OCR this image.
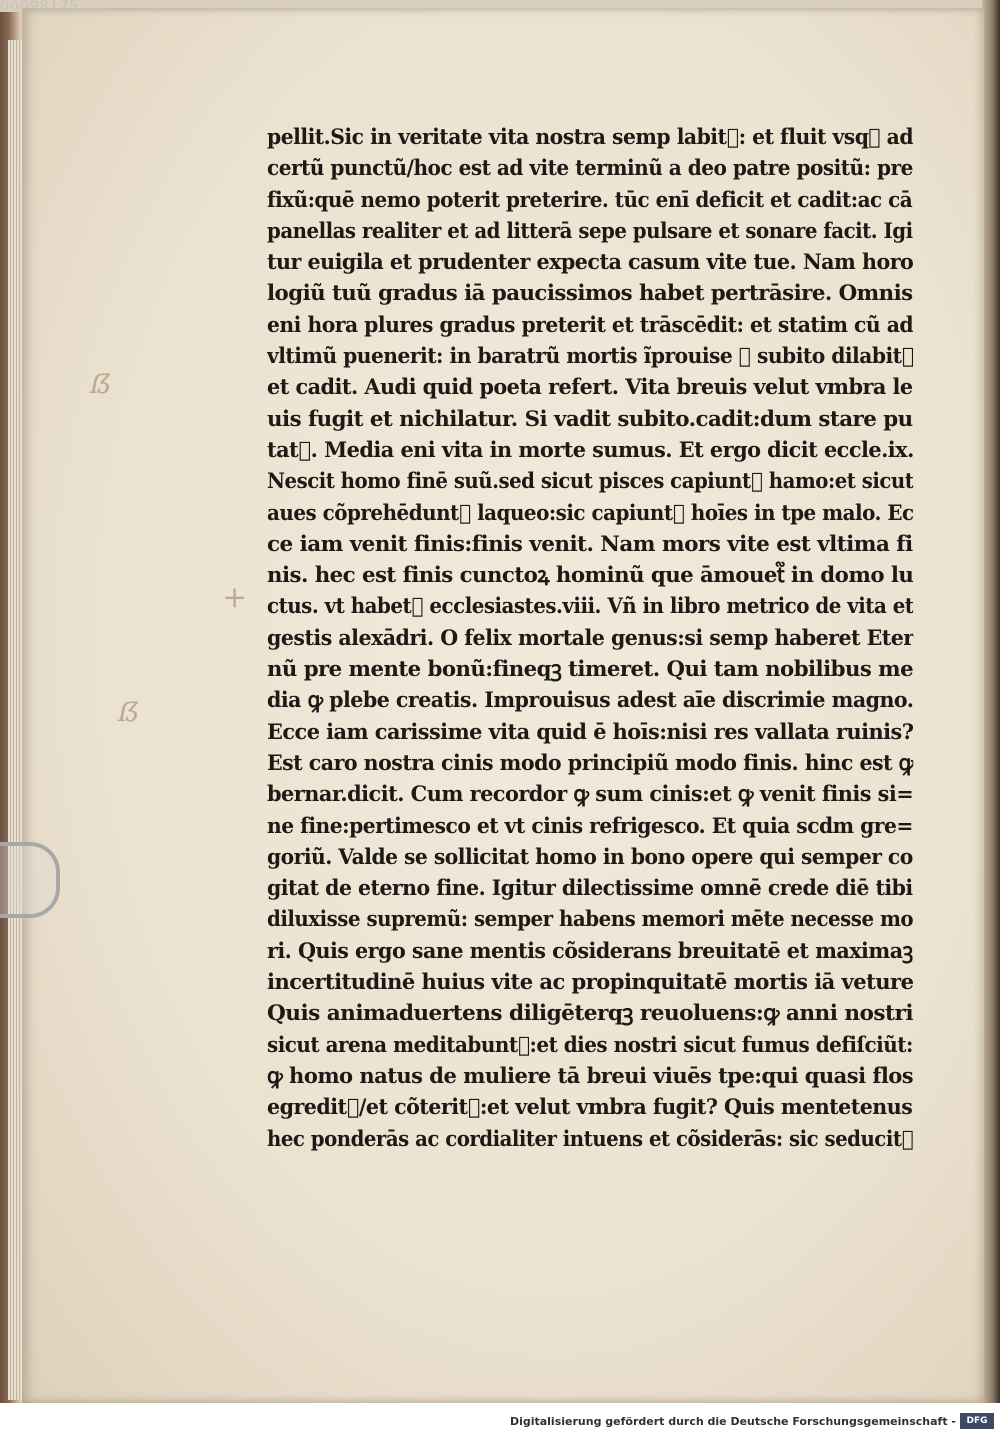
ẞ
+
ẞ
pellit.Sic in veritate vita nostra semp labit᷑: et fluit vsqꝫ ad
certũ punctũ/hoc est ad vite terminũ a deo patre positũ: pre
fixũ:quē nemo poterit preterire. tūc enī deficit et cadit:ac cā
panellas realiter et ad litterā sepe pulsare et sonare facit. Igi
tur euigila et prudenter expecta casum vite tue. Nam horo
logiũ tuũ gradus iā paucissimos habet pertrāsire. Omnis
eni hora plures gradus preterit et trāscēdit: et statim cũ ad
vltimũ puenerit: in baratrũ mortis ĩprouise ⁊ subito dilabit᷑
et cadit. Audi quid poeta refert. Vita breuis velut vmbra le
uis fugit et nichilatur. Si vadit subito.cadit:dum stare pu
tat᷑. Media eni vita in morte sumus. Et ergo dicit eccle.ix.
Nescit homo finē suũ.sed sicut pisces capiunt᷑ hamo:et sicut
aues cõprehēdunt᷑ laqueo:sic capiunt᷑ hoīes in tpe malo. Ec
ce iam venit finis:finis venit. Nam mors vite est vltima fi
nis. hec est finis cunctoꝝ hominũ que āmouet᷑ in domo lu
ctus. vt habet᷑ ecclesiastes.viii. Vñ in libro metrico de vita et
gestis alexādri. O felix mortale genus:si semp haberet Eter
nũ pre mente bonũ:fineqꝫ timeret. Qui tam nobilibus me
dia ꝙ plebe creatis. Improuisus adest aīe discrimie magno.
Ecce iam carissime vita quid ē hoīs:nisi res vallata ruinis?
Est caro nostra cinis modo principiũ modo finis. hinc est ꝙ
bernar.dicit. Cum recordor ꝙ sum cinis:et ꝙ venit finis si=
ne fine:pertimesco et vt cinis refrigesco. Et quia scdm gre=
goriũ. Valde se sollicitat homo in bono opere qui semper co
gitat de eterno fine. Igitur dilectissime omnē crede diē tibi
diluxisse supremũ: semper habens memori mēte necesse mo
ri. Quis ergo sane mentis cõsiderans breuitatē et maximaꝫ
incertitudinē huius vite ac propinquitatē mortis iā veture
Quis animaduertens diligēterqꝫ reuoluens:ꝙ anni nostri
sicut arena meditabunt᷑:et dies nostri sicut fumus defiſciũt:
ꝙ homo natus de muliere tā breui viuēs tpe:qui quasi flos
egredit᷑/et cõterit᷑:et velut vmbra fugit? Quis mentetenus
hec ponderās ac cordialiter intuens et cõsiderās: sic seducit᷑
00098175
Digitalisierung gefördert durch die Deutsche Forschungsgemeinschaft -	DFG
